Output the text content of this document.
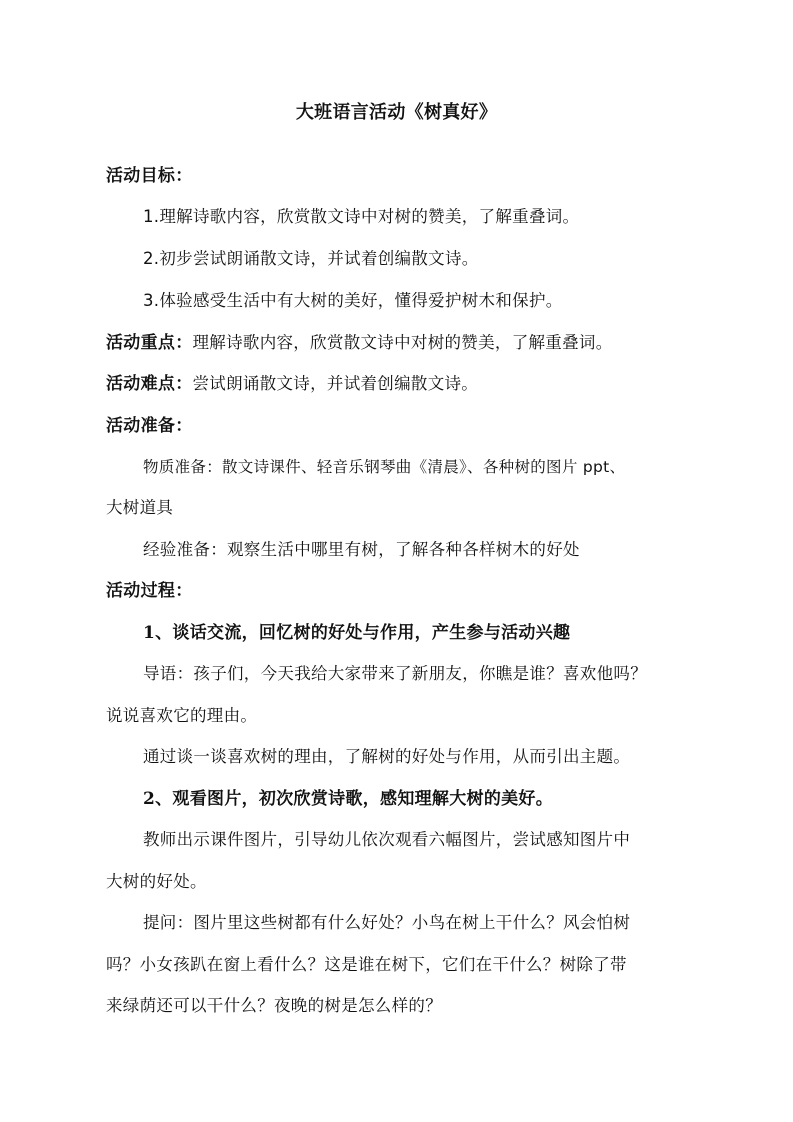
大班语言活动《树真好》
活动目标：
1.理解诗歌内容，欣赏散文诗中对树的赞美，了解重叠词。
2.初步尝试朗诵散文诗，并试着创编散文诗。
3.体验感受生活中有大树的美好，懂得爱护树木和保护。
活动重点：理解诗歌内容，欣赏散文诗中对树的赞美，了解重叠词。
活动难点：尝试朗诵散文诗，并试着创编散文诗。
活动准备：
物质准备：散文诗课件、轻音乐钢琴曲《清晨》、各种树的图片 ppt、
大树道具
经验准备：观察生活中哪里有树，了解各种各样树木的好处
活动过程：
1、谈话交流，回忆树的好处与作用，产生参与活动兴趣
导语：孩子们，今天我给大家带来了新朋友，你瞧是谁？喜欢他吗？
说说喜欢它的理由。
通过谈一谈喜欢树的理由，了解树的好处与作用，从而引出主题。
2、观看图片，初次欣赏诗歌，感知理解大树的美好。
教师出示课件图片，引导幼儿依次观看六幅图片，尝试感知图片中
大树的好处。
提问：图片里这些树都有什么好处？小鸟在树上干什么？风会怕树
吗？小女孩趴在窗上看什么？这是谁在树下，它们在干什么？树除了带
来绿荫还可以干什么？夜晚的树是怎么样的？
